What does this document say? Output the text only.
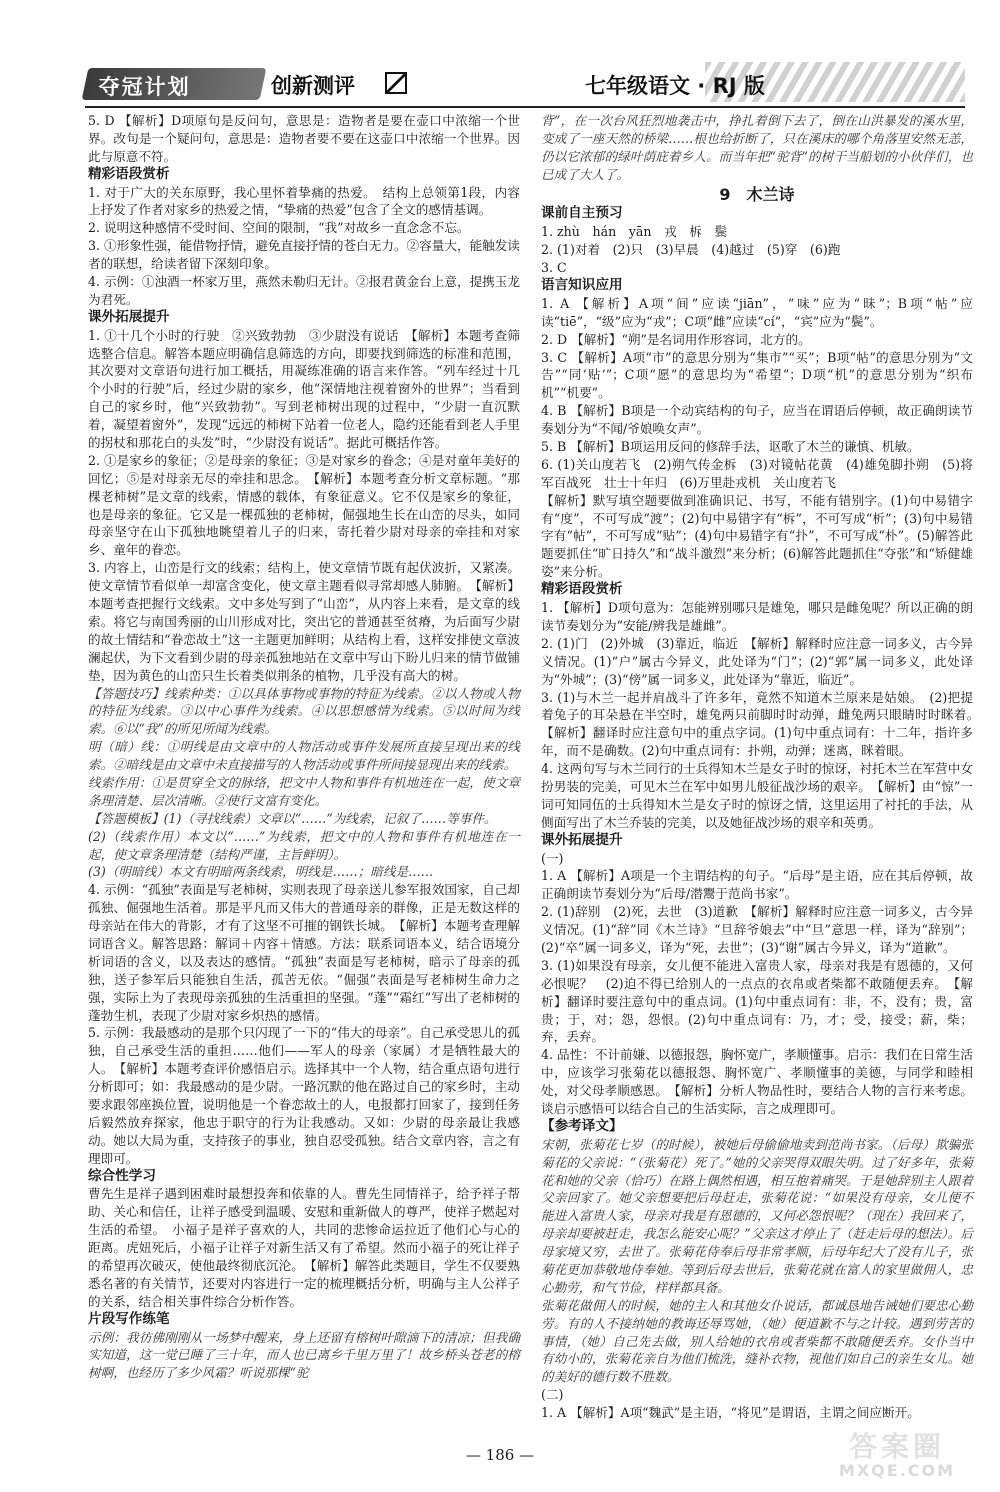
夺冠计划	创新测评	七年级语文 · RJ 版

5. D 【解析】D项原句是反问句，意思是：造物者是要在壶口中浓缩一个世界。改句是一个疑问句，意思是：造物者要不要在这壶口中浓缩一个世界。因此与原意不符。

精彩语段赏析

1. 对于广大的关东原野，我心里怀着挚痛的热爱。　结构上总领第1段，内容上抒发了作者对家乡的热爱之情，“挚痛的热爱”包含了全文的感情基调。

2. 说明这种感情不受时间、空间的限制，“我”对故乡一直念念不忘。

3. ①形象性强，能借物抒情，避免直接抒情的苍白无力。②容量大，能触发读者的联想，给读者留下深刻印象。

4. 示例：①浊酒一杯家万里，燕然未勒归无计。②报君黄金台上意，提携玉龙为君死。

课外拓展提升

1. ①十几个小时的行驶　②兴致勃勃　③少尉没有说话　【解析】本题考查筛选整合信息。解答本题应明确信息筛选的方向，即要找到筛选的标准和范围，其次要对文章语句进行加工概括，用凝练准确的语言来作答。“列车经过十几个小时的行驶”后，经过少尉的家乡，他“深情地注视着窗外的世界”；当看到自己的家乡时，他“兴致勃勃”。写到老柿树出现的过程中，“少尉一直沉默着，凝望着窗外”，发现“远远的柿树下站着一位老人，隐约还能看到老人手里的拐杖和那花白的头发”时，“少尉没有说话”。据此可概括作答。

2. ①是家乡的象征；②是母亲的象征；③是对家乡的眷念；④是对童年美好的回忆；⑤是对母亲无尽的牵挂和思念。　【解析】本题考查分析文章标题。“那棵老柿树”是文章的线索，情感的载体，有象征意义。它不仅是家乡的象征，也是母亲的象征。它又是一棵孤独的老柿树，倔强地生长在山峦的尽头，如同母亲坚守在山下孤独地眺望着儿子的归来，寄托着少尉对母亲的牵挂和对家乡、童年的眷恋。

3. 内容上，山峦是行文的线索；结构上，使文章情节既有起伏波折，又紧凑。使文章情节看似单一却富含变化，使文章主题看似寻常却感人肺腑。　【解析】本题考查把握行文线索。文中多处写到了“山峦”，从内容上来看，是文章的线索。将它与南国秀丽的山川形成对比，突出它的普通甚至贫瘠，为后面写少尉的故土情结和“眷恋故土”这一主题更加鲜明；从结构上看，这样安排使文章波澜起伏，为下文看到少尉的母亲孤独地站在文章中写山下盼儿归来的情节做铺垫，因为黄色的山峦只生长着类似荆条的植物，几乎没有高大的树。

【答题技巧】线索种类：①以具体事物或事物的特征为线索。②以人物或人物的特征为线索。③以中心事件为线索。④以思想感情为线索。⑤以时间为线索。⑥以“我”的所见所闻为线索。

明（暗）线：①明线是由文章中的人物活动或事件发展所直接呈现出来的线索。②暗线是由文章中未直接描写的人物活动或事件所间接显现出来的线索。

线索作用：①是贯穿全文的脉络，把文中人物和事件有机地连在一起，使文章条理清楚、层次清晰。②使行文富有变化。

【答题模板】(1)（寻找线索）文章以“……”为线索，记叙了……等事件。

(2)（线索作用）本文以“……”为线索，把文中的人物和事件有机地连在一起，使文章条理清楚（结构严谨，主旨鲜明）。

(3)（明暗线）本文有明暗两条线索，明线是……；暗线是……

4. 示例：“孤独”表面是写老柿树，实则表现了母亲送儿参军报效国家，自己却孤独、倔强地生活着。那是平凡而又伟大的普通母亲的群像，正是无数这样的母亲站在伟大的背影，才有了这坚不可摧的钢铁长城。　【解析】本题考查理解词语含义。解答思路：解词＋内容＋情感。方法：联系词语本义，结合语境分析词语的含义，以及表达的感情。“孤独”表面是写老柿树，暗示了母亲的孤独，送子参军后只能独自生活，孤苦无依。“倔强”表面是写老柿树生命力之强，实际上为了表现母亲孤独的生活重担的坚强。“蓬”“霜红”写出了老柿树的蓬勃生机，表现了少尉对家乡炽热的感情。

5. 示例：我最感动的是那个只闪现了一下的“伟大的母亲”。自己承受思儿的孤独，自己承受生活的重担……他们——军人的母亲（家属）才是牺牲最大的人。　【解析】本题考查评价感悟启示。选择其中一个人物，结合重点语句进行分析即可；如：我最感动的是少尉。一路沉默的他在路过自己的家乡时，主动要求跟邻座换位置，说明他是一个眷恋故土的人，电报都打回家了，接到任务后毅然放弃探家，他忠于职守的行为让我感动。又如：少尉的母亲最让我感动。她以大局为重，支持孩子的事业，独自忍受孤独。结合文章内容，言之有理即可。

综合性学习

曹先生是祥子遇到困难时最想投奔和依靠的人。曹先生同情祥子，给予祥子帮助、关心和信任，让祥子感受到温暖、安慰和重新做人的尊严，使祥子燃起对生活的希望。　小福子是祥子喜欢的人，共同的悲惨命运拉近了他们心与心的距离。虎妞死后，小福子让祥子对新生活又有了希望。然而小福子的死让祥子的希望再次破灭，使他最终彻底沉沦。　【解析】解答此类题目，学生不仅要熟悉名著的有关情节，还要对内容进行一定的梳理概括分析，明确与主人公祥子的关系，结合相关事件综合分析作答。

片段写作练笔

示例：我彷佛刚刚从一场梦中醒来，身上还留有榕树叶隙滴下的清凉；但我确实知道，这一觉已睡了三十年，而人也已离乡千里万里了！故乡桥头苍老的榕树啊，也经历了多少风霜？听说那棵“驼

背”，在一次台风狂烈地袭击中，挣扎着倒下去了，倒在山洪暴发的溪水里，变成了一座天然的桥梁……根也给折断了，只在溪床的哪个角落里安然无恙，仍以它浓郁的绿叶荫庇着乡人。而当年把“驼背”的树干当船划的小伙伴们，也已成了大人了。

9　木兰诗

课前自主预习

1. zhù　hán　yān　戎　柝　鬓

2. (1)对着　(2)只　(3)早晨　(4)越过　(5)穿　(6)跑

3. C

语言知识应用

1. A 【解析】A项“间”应读“jiān”，“味”应为“昧”；B项“帖”应读“tiē”，“级”应为“戎”；C项“雌”应读“cí”，“宾”应为“鬓”。

2. D 【解析】“朔”是名词用作形容词，北方的。

3. C 【解析】A项“市”的意思分别为“集市”“买”；B项“帖”的意思分别为“文告”“同‘贴’”；C项“愿”的意思均为“希望”；D项“机”的意思分别为“织布机”“机要”。

4. B 【解析】B项是一个动宾结构的句子，应当在谓语后停顿，故正确朗读节奏划分为“不闻/爷娘唤女声”。

5. B 【解析】B项运用反问的修辞手法，讴歌了木兰的谦慎、机敏。

6. (1)关山度若飞　(2)朔气传金柝　(3)对镜帖花黄　(4)雄兔脚扑朔　(5)将军百战死　壮士十年归　(6)万里赴戎机　关山度若飞

【解析】默写填空题要做到准确识记、书写，不能有错别字。(1)句中易错字有“度”，不可写成“渡”；(2)句中易错字有“柝”，不可写成“析”；(3)句中易错字有“帖”，不可写成“贴”；(4)句中易错字有“扑”，不可写成“朴”。(5)解答此题要抓住“旷日持久”和“战斗激烈”来分析；(6)解答此题抓住“夺张”和“矫健雄姿”来分析。

精彩语段赏析

1. 【解析】D项句意为：怎能辨别哪只是雄兔，哪只是雌兔呢？所以正确的朗读节奏划分为“安能/辨我是雄雌”。

2. (1)门　(2)外城　(3)靠近，临近　【解析】解释时应注意一词多义，古今异义情况。(1)“户”属古今异义，此处译为“门”；(2)“郭”属一词多义，此处译为“外城”；(3)“傍”属一词多义，此处译为“靠近，临近”。

3. (1)与木兰一起并肩战斗了许多年，竟然不知道木兰原来是姑娘。　(2)把提着兔子的耳朵悬在半空时，雄兔两只前脚时时动弹，雌兔两只眼睛时时眯着。　【解析】翻译时应注意句中的重点字词。(1)句中重点词有：十二年，指许多年，而不是确数。(2)句中重点词有：扑朔，动弹；迷离，眯着眼。

4. 这两句写与木兰同行的士兵得知木兰是女子时的惊讶，衬托木兰在军营中女扮男装的完美，可见木兰在军中如男儿般征战沙场的艰辛。　【解析】由“惊”一词可知同伍的士兵得知木兰是女子时的惊讶之情，这里运用了衬托的手法，从侧面写出了木兰乔装的完美，以及她征战沙场的艰辛和英勇。

课外拓展提升

(一)

1. A 【解析】A项是一个主谓结构的句子。“后母”是主语，应在其后停顿，故正确朗读节奏划分为“后母/潜鬻于范尚书家”。

2. (1)辞别　(2)死，去世　(3)道歉　【解析】解释时应注意一词多义，古今异义情况。(1)“辞”同《木兰诗》“旦辞爷娘去”中“旦”意思一样，译为“辞别”；(2)“卒”属一词多义，译为“死，去世”；(3)“谢”属古今异义，译为“道歉”。

3. (1)如果没有母亲，女儿便不能进入富贵人家，母亲对我是有恩德的，又何必恨呢？　(2)迫不得已给别人的一点点的衣帛或者柴都不敢随便丢弃。　【解析】翻译时要注意句中的重点词。(1)句中重点词有：非，不，没有；贵，富贵；于，对；怨，怨恨。(2)句中重点词有：乃，才；受，接受；薪，柴；弃，丢弃。

4. 品性：不计前嫌、以德报怨，胸怀宽广，孝顺懂事。启示：我们在日常生活中，应该学习张菊花以德报怨、胸怀宽广、孝顺懂事的美德，与同学和睦相处，对父母孝顺感恩。　【解析】分析人物品性时，要结合人物的言行来考虑。谈启示感悟可以结合自己的生活实际，言之成理即可。

【参考译文】

宋朝，张菊花七岁（的时候），被她后母偷偷地卖到范尚书家。（后母）欺骗张菊花的父亲说：“（张菊花）死了。”她的父亲哭得双眼失明。过了好多年，张菊花和她的父亲（恰巧）在路上偶然相遇，相互抱着痛哭。于是她辞别主人跟着父亲回家了。她父亲想要把后母赶走，张菊花说：“如果没有母亲，女儿便不能进入富贵人家，母亲对我是有恩德的，又何必怨恨呢？（现在）我回来了，母亲却要被赶走，我怎么能安心呢？”父亲这才停止了（赶走后母的想法）。后母家境又穷，去世了。张菊花侍奉后母非常孝顺，后母年纪大了没有儿子，张菊花更加恭敬地侍奉她。等到后母去世后，张菊花就在富人的家里做佣人，忠心勤劳，和气节俭，样样都具备。

张菊花做佣人的时候，她的主人和其他女仆说话，都诚恳地告诫她们要忠心勤劳。有的人不接纳她的教诲还辱骂她，（她）便道歉不与之计较。遇到劳苦的事情，（她）自己先去做，别人给她的衣帛或者柴都不敢随便丢弃。女仆当中有幼小的，张菊花亲自为他们梳洗，缝补衣物，视他们如自己的亲生女儿。她的美好的德行数不胜数。

(二)

1. A 【解析】A项“魏武”是主语，“将见”是谓语，主谓之间应断开。

— 186 —	答案圈
MXQE.COM
